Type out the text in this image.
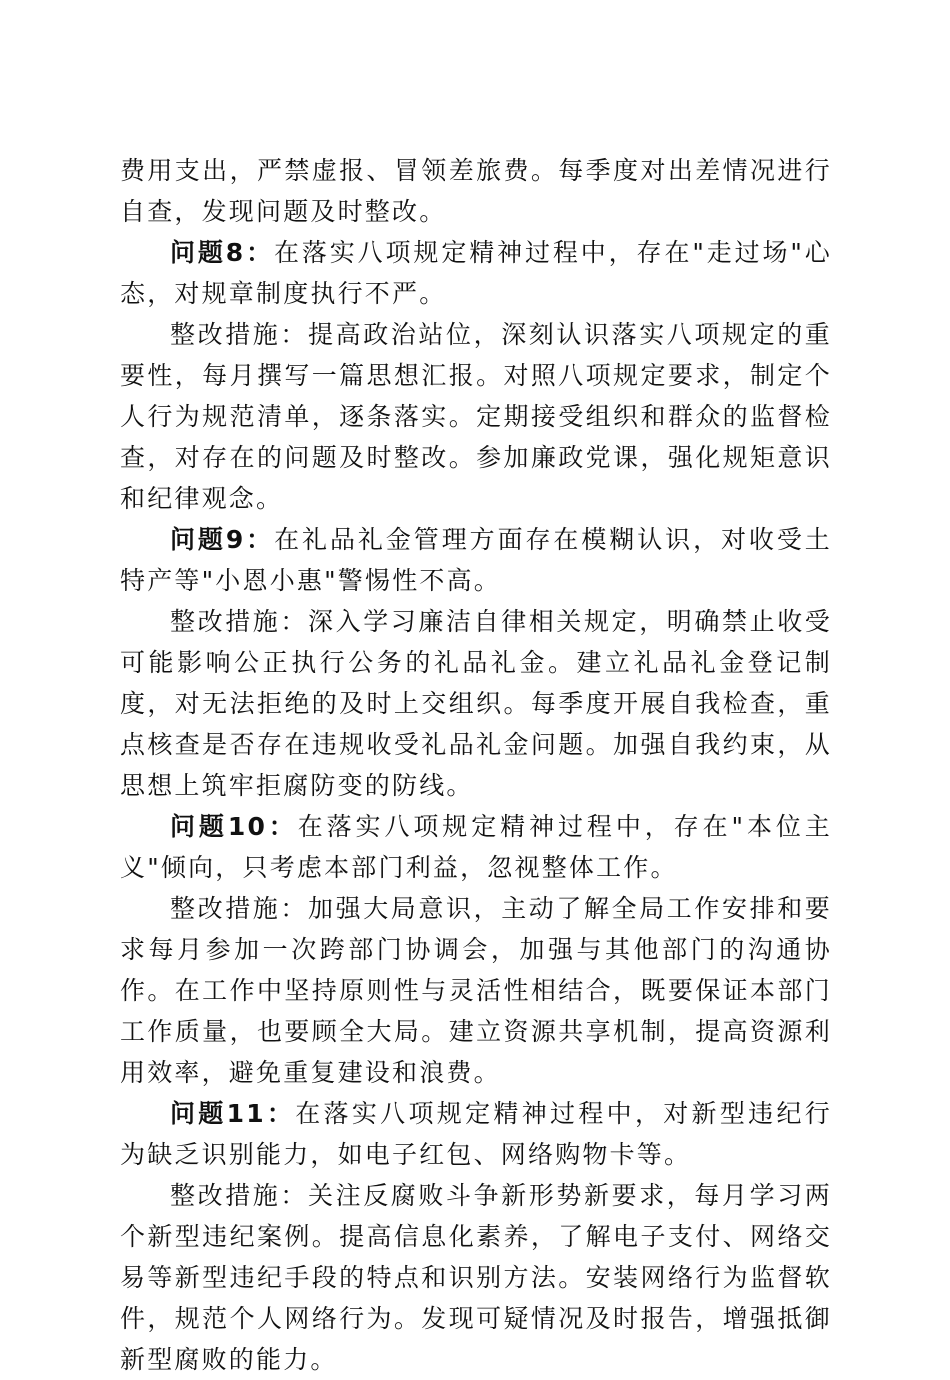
费用支出，严禁虚报、冒领差旅费。每季度对出差情况进行自查，发现问题及时整改。

问题8：在落实八项规定精神过程中，存在"走过场"心态，对规章制度执行不严。

整改措施：提高政治站位，深刻认识落实八项规定的重要性，每月撰写一篇思想汇报。对照八项规定要求，制定个人行为规范清单，逐条落实。定期接受组织和群众的监督检查，对存在的问题及时整改。参加廉政党课，强化规矩意识和纪律观念。

问题9：在礼品礼金管理方面存在模糊认识，对收受土特产等"小恩小惠"警惕性不高。

整改措施：深入学习廉洁自律相关规定，明确禁止收受可能影响公正执行公务的礼品礼金。建立礼品礼金登记制度，对无法拒绝的及时上交组织。每季度开展自我检查，重点核查是否存在违规收受礼品礼金问题。加强自我约束，从思想上筑牢拒腐防变的防线。

问题10：在落实八项规定精神过程中，存在"本位主义"倾向，只考虑本部门利益，忽视整体工作。

整改措施：加强大局意识，主动了解全局工作安排和要求每月参加一次跨部门协调会，加强与其他部门的沟通协作。在工作中坚持原则性与灵活性相结合，既要保证本部门工作质量，也要顾全大局。建立资源共享机制，提高资源利用效率，避免重复建设和浪费。

问题11：在落实八项规定精神过程中，对新型违纪行为缺乏识别能力，如电子红包、网络购物卡等。

整改措施：关注反腐败斗争新形势新要求，每月学习两个新型违纪案例。提高信息化素养，了解电子支付、网络交易等新型违纪手段的特点和识别方法。安装网络行为监督软件，规范个人网络行为。发现可疑情况及时报告，增强抵御新型腐败的能力。
